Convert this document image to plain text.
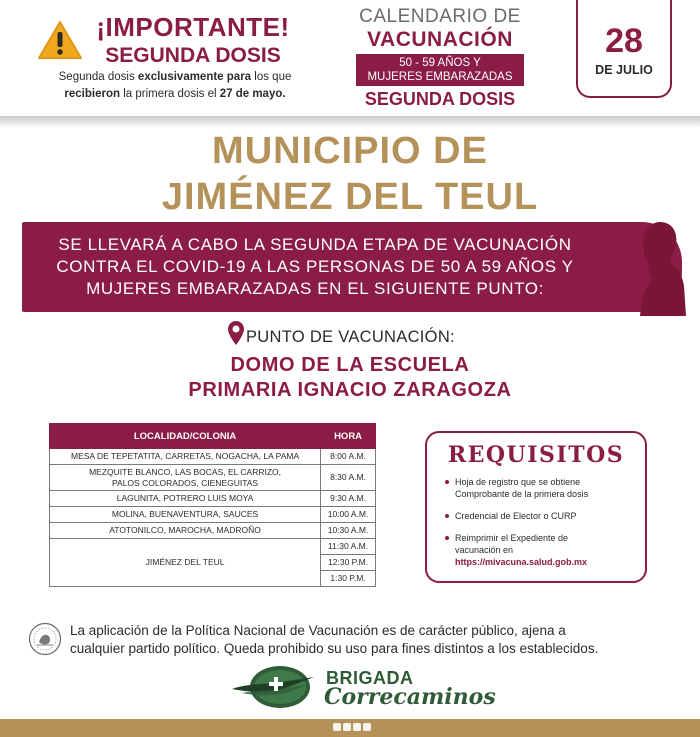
¡IMPORTANTE!
SEGUNDA DOSIS
Segunda dosis exclusivamente para los que
recibieron la primera dosis el 27 de mayo.
CALENDARIO DE
VACUNACIÓN
50 - 59 AÑOS Y
MUJERES EMBARAZADAS
SEGUNDA DOSIS
28
DE JULIO
MUNICIPIO DE
JIMÉNEZ DEL TEUL
SE LLEVARÁ A CABO LA SEGUNDA ETAPA DE VACUNACIÓN
CONTRA EL COVID-19 A LAS PERSONAS DE 50 A 59 AÑOS Y
MUJERES EMBARAZADAS EN EL SIGUIENTE PUNTO:
PUNTO DE VACUNACIÓN:
DOMO DE LA ESCUELA
PRIMARIA IGNACIO ZARAGOZA
LOCALIDAD/COLONIA	HORA
MESA DE TEPETATITA, CARRETAS, NOGACHA, LA PAMA	8:00 A.M.

MEZQUITE BLANCO, LAS BOCAS, EL CARRIZO,
PALOS COLORADOS, CIENEGUITAS	8:30 A.M.
LAGUNITA, POTRERO LUIS MOYA	9:30 A.M.
MOLINA, BUENAVENTURA, SAUCES	10:00 A.M.
ATOTONILCO, MAROCHA, MADROÑO	10:30 A.M.
JIMÉNEZ DEL TEUL	11:30 A.M.
	12:30 P.M.
	1:30 P.M.
REQUISITOS
Hoja de registro que se obtiene
Comprobante de la primera dosis
Credencial de Elector o CURP
Reimprimir el Expediente de
vacunación en
https://mivacuna.salud.gob.mx
La aplicación de la Política Nacional de Vacunación es de carácter público, ajena a
cualquier partido político. Queda prohibido su uso para fines distintos a los establecidos.
BRIGADA
Correcaminos
